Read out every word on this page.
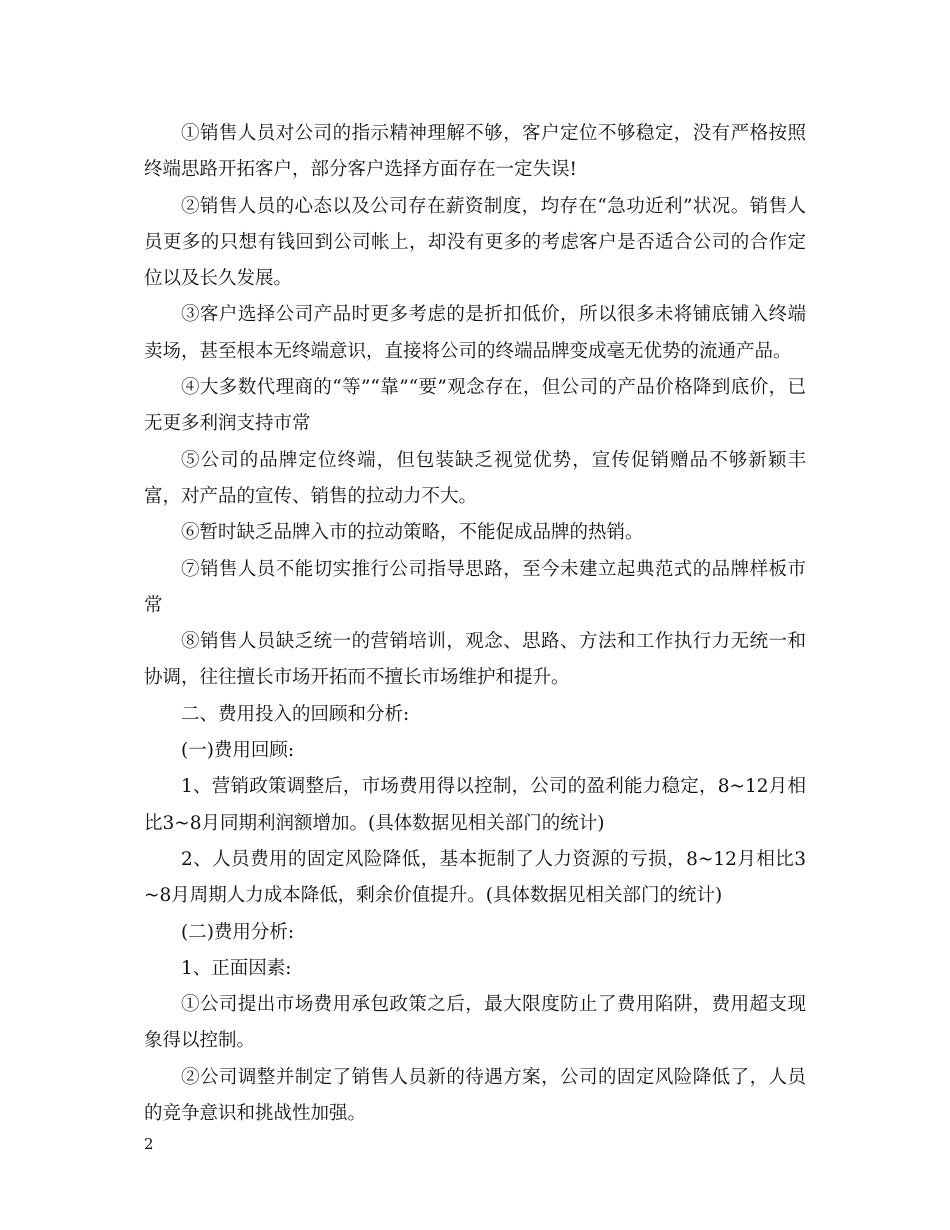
①销售人员对公司的指示精神理解不够，客户定位不够稳定，没有严格按照终端思路开拓客户，部分客户选择方面存在一定失误!

②销售人员的心态以及公司存在薪资制度，均存在“急功近利”状况。销售人员更多的只想有钱回到公司帐上，却没有更多的考虑客户是否适合公司的合作定位以及长久发展。

③客户选择公司产品时更多考虑的是折扣低价，所以很多未将铺底铺入终端卖场，甚至根本无终端意识，直接将公司的终端品牌变成毫无优势的流通产品。

④大多数代理商的“等”“靠”“要”观念存在，但公司的产品价格降到底价，已无更多利润支持市常

⑤公司的品牌定位终端，但包装缺乏视觉优势，宣传促销赠品不够新颖丰富，对产品的宣传、销售的拉动力不大。

⑥暂时缺乏品牌入市的拉动策略，不能促成品牌的热销。

⑦销售人员不能切实推行公司指导思路，至今未建立起典范式的品牌样板市常

⑧销售人员缺乏统一的营销培训，观念、思路、方法和工作执行力无统一和协调，往往擅长市场开拓而不擅长市场维护和提升。

二、费用投入的回顾和分析:

(一)费用回顾:

1、营销政策调整后，市场费用得以控制，公司的盈利能力稳定，8~12月相比3~8月同期利润额增加。(具体数据见相关部门的统计)

2、人员费用的固定风险降低，基本扼制了人力资源的亏损，8~12月相比3~8月周期人力成本降低，剩余价值提升。(具体数据见相关部门的统计)

(二)费用分析:

1、正面因素:

①公司提出市场费用承包政策之后，最大限度防止了费用陷阱，费用超支现象得以控制。

②公司调整并制定了销售人员新的待遇方案，公司的固定风险降低了，人员的竞争意识和挑战性加强。

2
